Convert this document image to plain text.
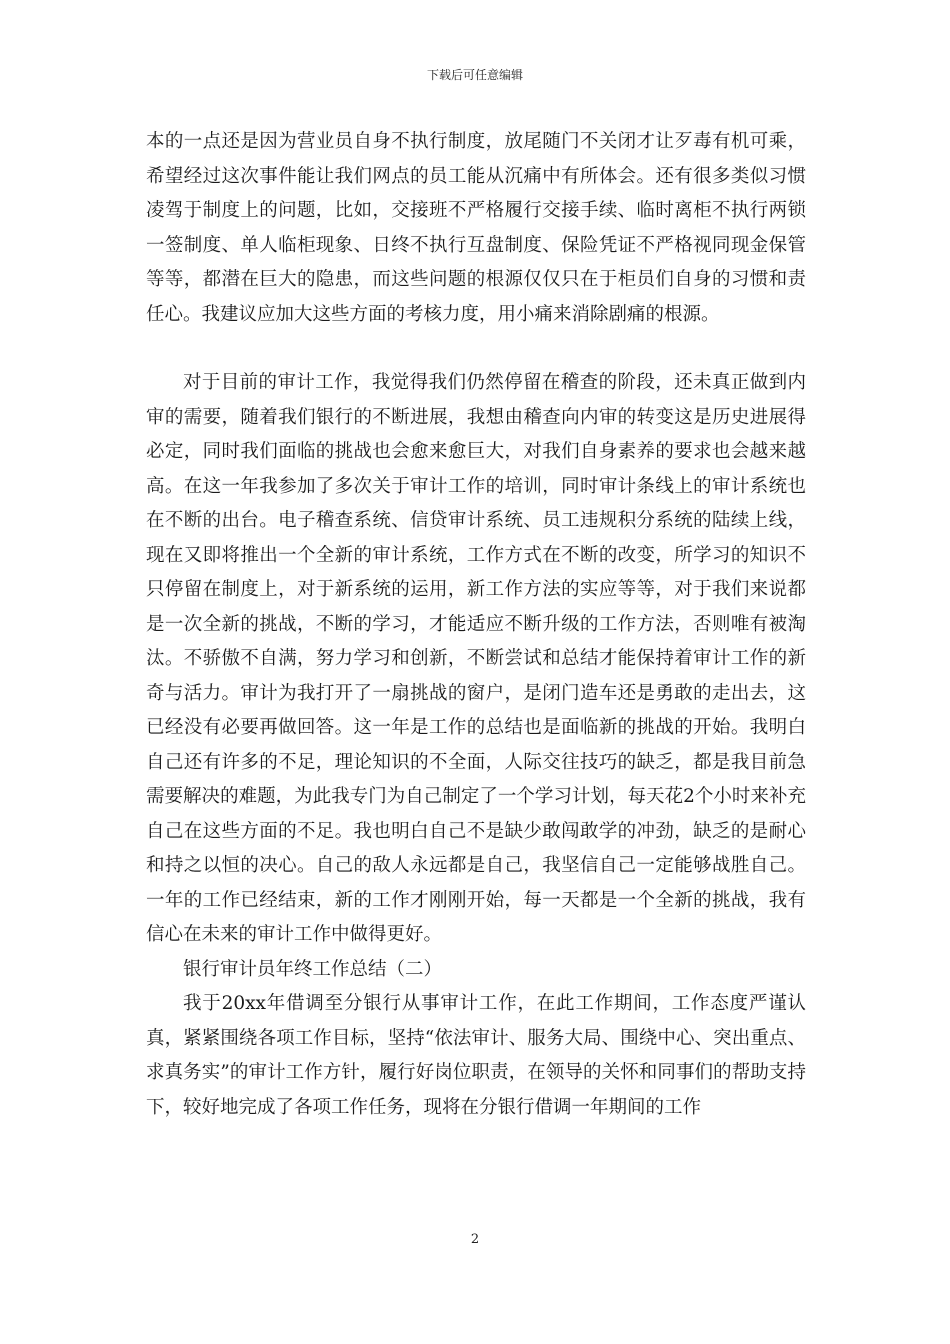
下载后可任意编辑

本的一点还是因为营业员自身不执行制度，放尾随门不关闭才让歹毒有机可乘，希望经过这次事件能让我们网点的员工能从沉痛中有所体会。还有很多类似习惯凌驾于制度上的问题，比如，交接班不严格履行交接手续、临时离柜不执行两锁一签制度、单人临柜现象、日终不执行互盘制度、保险凭证不严格视同现金保管等等，都潜在巨大的隐患，而这些问题的根源仅仅只在于柜员们自身的习惯和责任心。我建议应加大这些方面的考核力度，用小痛来消除剧痛的根源。

对于目前的审计工作，我觉得我们仍然停留在稽查的阶段，还未真正做到内审的需要，随着我们银行的不断进展，我想由稽查向内审的转变这是历史进展得必定，同时我们面临的挑战也会愈来愈巨大，对我们自身素养的要求也会越来越高。在这一年我参加了多次关于审计工作的培训，同时审计条线上的审计系统也在不断的出台。电子稽查系统、信贷审计系统、员工违规积分系统的陆续上线，现在又即将推出一个全新的审计系统，工作方式在不断的改变，所学习的知识不只停留在制度上，对于新系统的运用，新工作方法的实应等等，对于我们来说都是一次全新的挑战，不断的学习，才能适应不断升级的工作方法，否则唯有被淘汰。不骄傲不自满，努力学习和创新，不断尝试和总结才能保持着审计工作的新奇与活力。审计为我打开了一扇挑战的窗户，是闭门造车还是勇敢的走出去，这已经没有必要再做回答。这一年是工作的总结也是面临新的挑战的开始。我明白自己还有许多的不足，理论知识的不全面，人际交往技巧的缺乏，都是我目前急需要解决的难题，为此我专门为自己制定了一个学习计划，每天花2个小时来补充自己在这些方面的不足。我也明白自己不是缺少敢闯敢学的冲劲，缺乏的是耐心和持之以恒的决心。自己的敌人永远都是自己，我坚信自己一定能够战胜自己。一年的工作已经结束，新的工作才刚刚开始，每一天都是一个全新的挑战，我有信心在未来的审计工作中做得更好。

银行审计员年终工作总结（二）

我于20xx年借调至分银行从事审计工作，在此工作期间，工作态度严谨认真，紧紧围绕各项工作目标，坚持“依法审计、服务大局、围绕中心、突出重点、求真务实”的审计工作方针，履行好岗位职责，在领导的关怀和同事们的帮助支持下，较好地完成了各项工作任务，现将在分银行借调一年期间的工作

2
